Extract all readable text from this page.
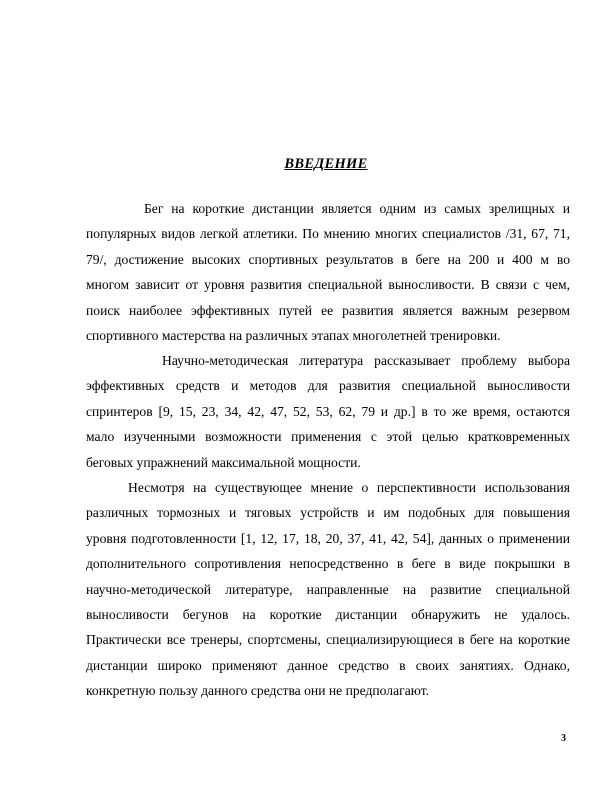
ВВЕДЕНИЕ
Бег на короткие дистанции является одним из самых зрелищных и
популярных видов легкой атлетики. По мнению многих специалистов /31, 67, 71,
79/, достижение высоких спортивных результатов в беге на 200 и 400 м во
многом зависит от уровня развития специальной выносливости. В связи с чем,
поиск наиболее эффективных путей ее развития является важным резервом
спортивного мастерства на различных этапах многолетней тренировки.
Научно-методическая литература рассказывает проблему выбора
эффективных средств и методов для развития специальной выносливости
спринтеров [9, 15, 23, 34, 42, 47, 52, 53, 62, 79 и др.] в то же время, остаются
мало изученными возможности применения с этой целью кратковременных
беговых упражнений максимальной мощности.
Несмотря на существующее мнение о перспективности использования
различных тормозных и тяговых устройств и им подобных для повышения
уровня подготовленности [1, 12, 17, 18, 20, 37, 41, 42, 54], данных о применении
дополнительного сопротивления непосредственно в беге в виде покрышки в
научно-методической литературе, направленные на развитие специальной
выносливости бегунов на короткие дистанции обнаружить не удалось.
Практически все тренеры, спортсмены, специализирующиеся в беге на короткие
дистанции широко применяют данное средство в своих занятиях. Однако,
конкретную пользу данного средства они не предполагают.
3
